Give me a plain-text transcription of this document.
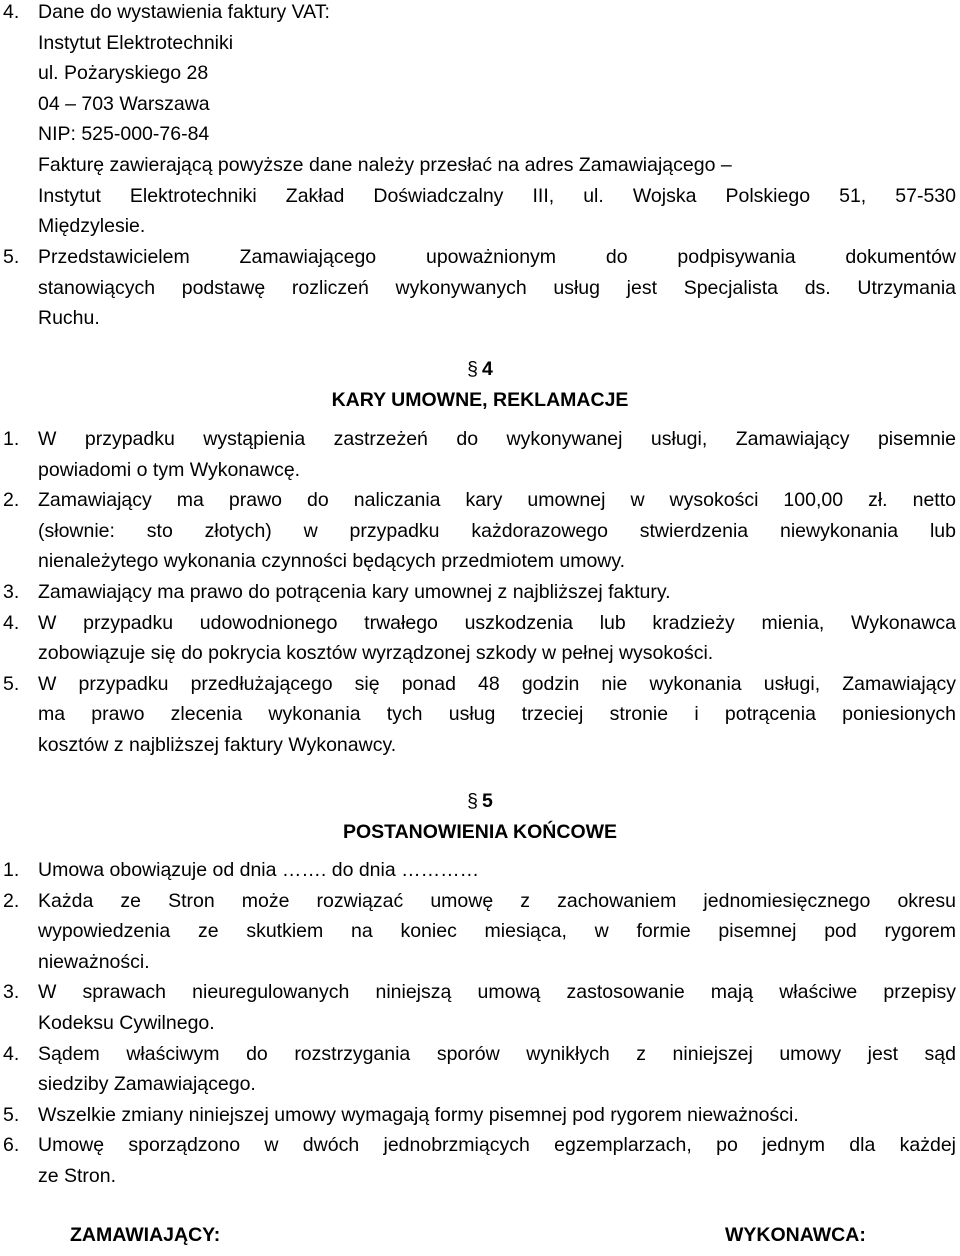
4. Dane do wystawienia faktury VAT:
Instytut Elektrotechniki
ul. Pożaryskiego 28
04 – 703 Warszawa
NIP: 525-000-76-84
Fakturę zawierającą powyższe dane należy przesłać na adres Zamawiającego –
Instytut Elektrotechniki Zakład Doświadczalny III, ul. Wojska Polskiego 51, 57-530
Międzylesie.
5. Przedstawicielem Zamawiającego upoważnionym do podpisywania dokumentów
stanowiących podstawę rozliczeń wykonywanych usług jest Specjalista ds. Utrzymania
Ruchu.
§ 4
KARY UMOWNE, REKLAMACJE
1. W przypadku wystąpienia zastrzeżeń do wykonywanej usługi, Zamawiający pisemnie
powiadomi o tym Wykonawcę.
2. Zamawiający ma prawo do naliczania kary umownej w wysokości 100,00 zł. netto
(słownie: sto złotych) w przypadku każdorazowego stwierdzenia niewykonania lub
nienależytego wykonania czynności będących przedmiotem umowy.
3. Zamawiający ma prawo do potrącenia kary umownej z najbliższej faktury.
4. W przypadku udowodnionego trwałego uszkodzenia lub kradzieży mienia, Wykonawca
zobowiązuje się do pokrycia kosztów wyrządzonej szkody w pełnej wysokości.
5. W przypadku przedłużającego się ponad 48 godzin nie wykonania usługi, Zamawiający
ma prawo zlecenia wykonania tych usług trzeciej stronie i potrącenia poniesionych
kosztów z najbliższej faktury Wykonawcy.
§ 5
POSTANOWIENIA KOŃCOWE
1. Umowa obowiązuje od dnia ……. do dnia …………
2. Każda ze Stron może rozwiązać umowę z zachowaniem jednomiesięcznego okresu
wypowiedzenia ze skutkiem na koniec miesiąca, w formie pisemnej pod rygorem
nieważności.
3. W sprawach nieuregulowanych niniejszą umową zastosowanie mają właściwe przepisy
Kodeksu Cywilnego.
4. Sądem właściwym do rozstrzygania sporów wynikłych z niniejszej umowy jest sąd
siedziby Zamawiającego.
5. Wszelkie zmiany niniejszej umowy wymagają formy pisemnej pod rygorem nieważności.
6. Umowę sporządzono w dwóch jednobrzmiących egzemplarzach, po jednym dla każdej
ze Stron.
ZAMAWIAJĄCY:	WYKONAWCA:
